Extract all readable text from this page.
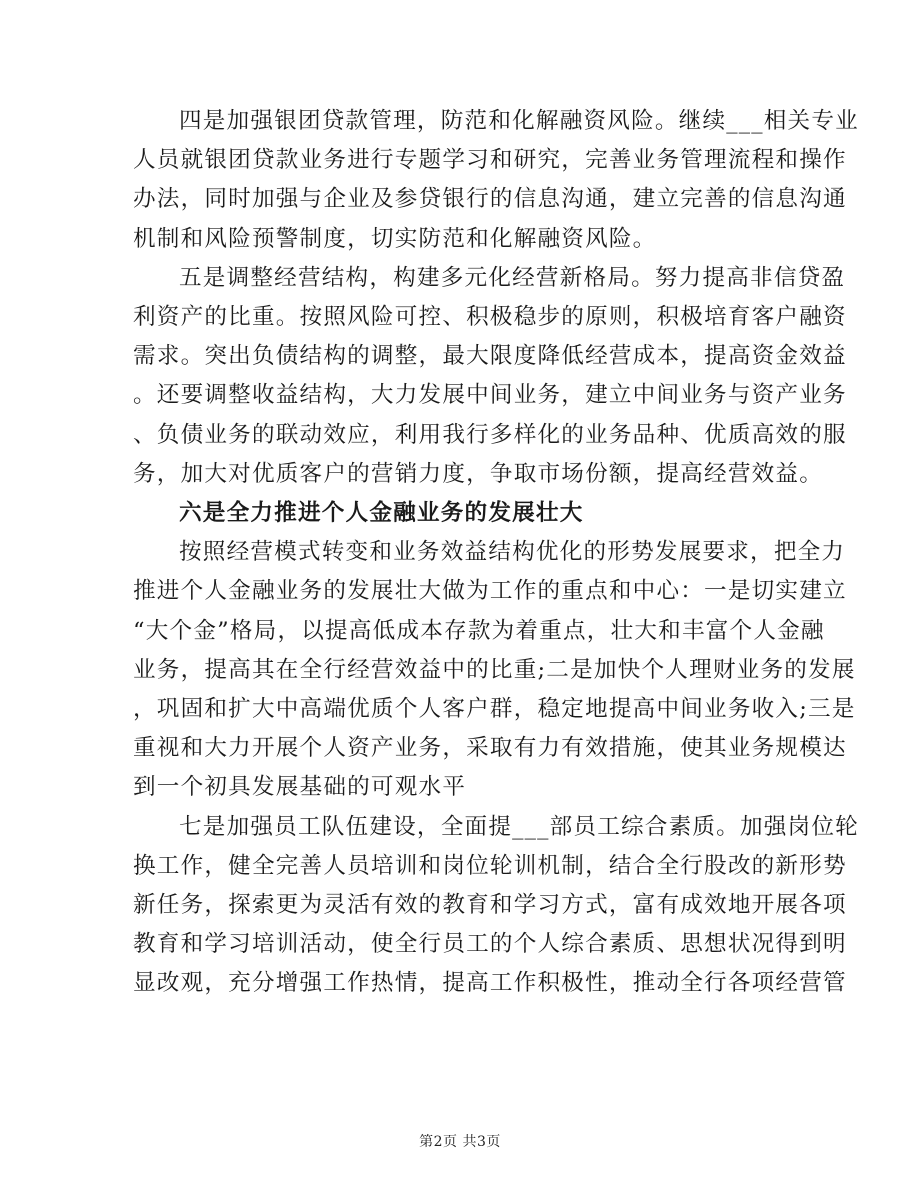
四是加强银团贷款管理，防范和化解融资风险。继续___相关专业
人员就银团贷款业务进行专题学习和研究，完善业务管理流程和操作
办法，同时加强与企业及参贷银行的信息沟通，建立完善的信息沟通
机制和风险预警制度，切实防范和化解融资风险。

五是调整经营结构，构建多元化经营新格局。努力提高非信贷盈
利资产的比重。按照风险可控、积极稳步的原则，积极培育客户融资
需求。突出负债结构的调整，最大限度降低经营成本，提高资金效益
。还要调整收益结构，大力发展中间业务，建立中间业务与资产业务
、负债业务的联动效应，利用我行多样化的业务品种、优质高效的服
务，加大对优质客户的营销力度，争取市场份额，提高经营效益。

六是全力推进个人金融业务的发展壮大

按照经营模式转变和业务效益结构优化的形势发展要求，把全力
推进个人金融业务的发展壮大做为工作的重点和中心：一是切实建立
“大个金”格局，以提高低成本存款为着重点，壮大和丰富个人金融
业务，提高其在全行经营效益中的比重;二是加快个人理财业务的发展
，巩固和扩大中高端优质个人客户群，稳定地提高中间业务收入;三是
重视和大力开展个人资产业务，采取有力有效措施，使其业务规模达
到一个初具发展基础的可观水平

七是加强员工队伍建设，全面提___部员工综合素质。加强岗位轮
换工作，健全完善人员培训和岗位轮训机制，结合全行股改的新形势
新任务，探索更为灵活有效的教育和学习方式，富有成效地开展各项
教育和学习培训活动，使全行员工的个人综合素质、思想状况得到明
显改观，充分增强工作热情，提高工作积极性，推动全行各项经营管

第2页 共3页
